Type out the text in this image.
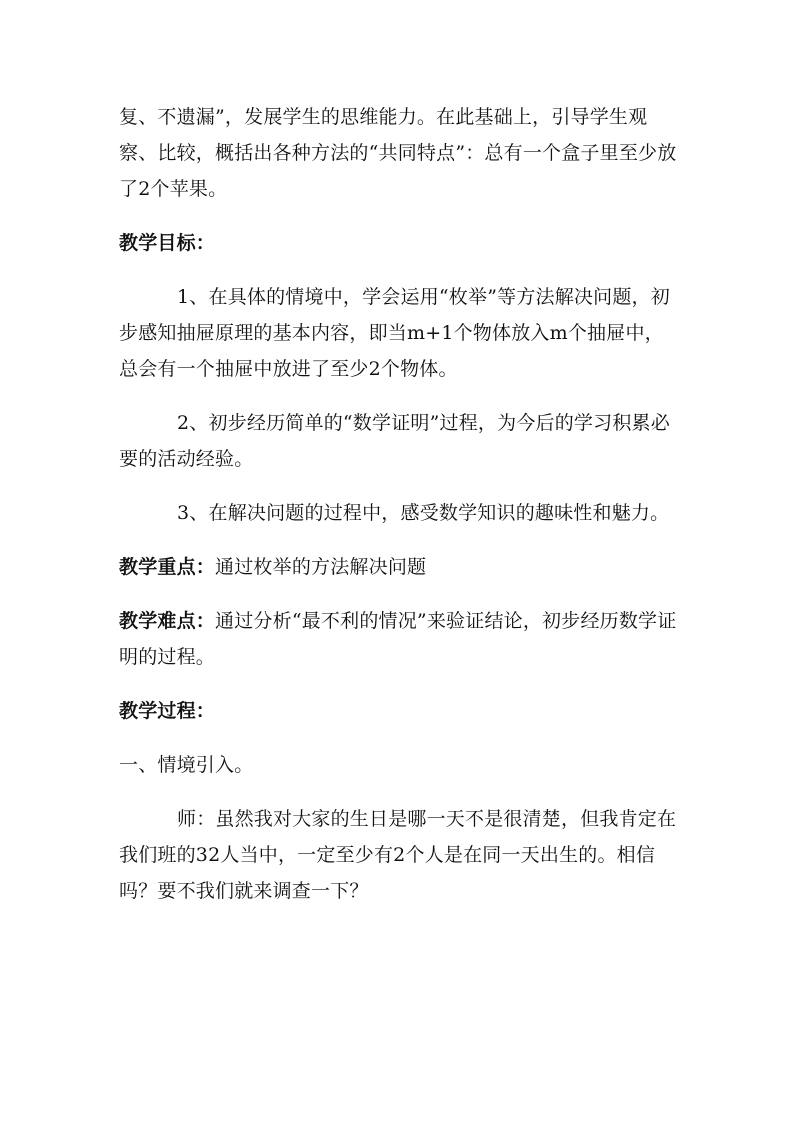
复、不遗漏”，发展学生的思维能力。在此基础上，引导学生观察、比较，概括出各种方法的“共同特点”：总有一个盒子里至少放了2个苹果。

教学目标：

1、在具体的情境中，学会运用“枚举”等方法解决问题，初步感知抽屉原理的基本内容，即当m+1个物体放入m个抽屉中，总会有一个抽屉中放进了至少2个物体。

2、初步经历简单的“数学证明”过程，为今后的学习积累必要的活动经验。

3、在解决问题的过程中，感受数学知识的趣味性和魅力。

教学重点：通过枚举的方法解决问题

教学难点：通过分析“最不利的情况”来验证结论，初步经历数学证明的过程。

教学过程：

一、情境引入。

师：虽然我对大家的生日是哪一天不是很清楚，但我肯定在我们班的32人当中，一定至少有2个人是在同一天出生的。相信吗？要不我们就来调查一下？
